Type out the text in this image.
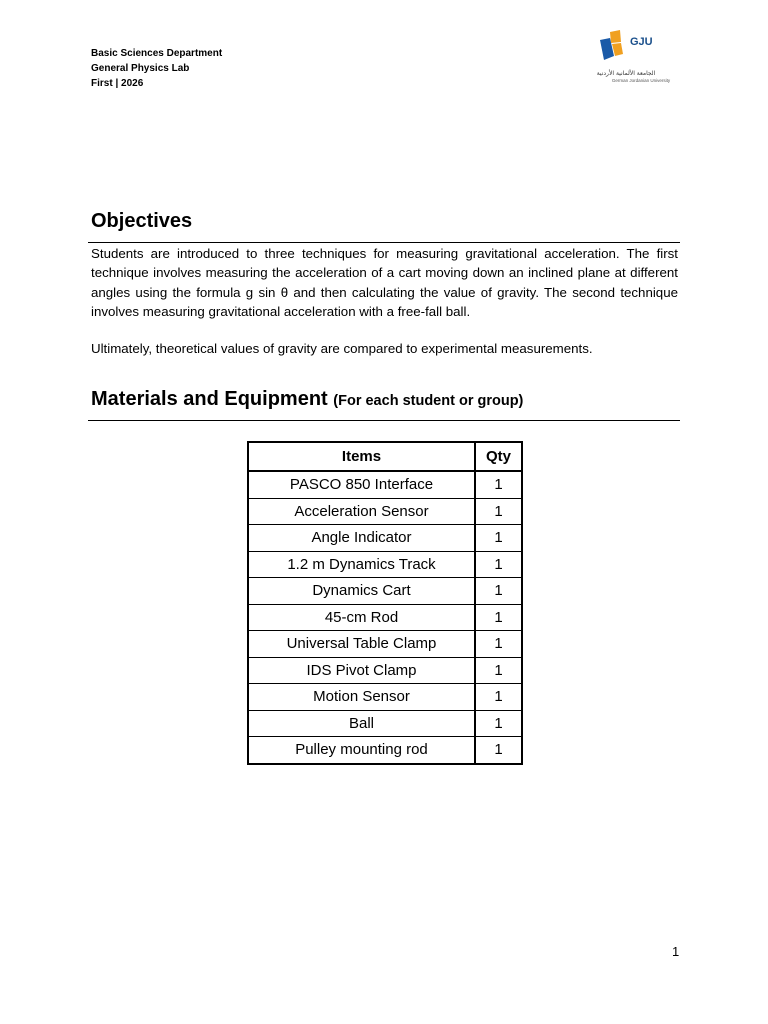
Basic Sciences Department
General Physics Lab
First | 2026
GJU
الجامعة الألمانية الأردنية
German Jordanian University
Objectives

Students are introduced to three techniques for measuring gravitational acceleration. The first technique involves measuring the acceleration of a cart moving down an inclined plane at different angles using the formula g sin θ and then calculating the value of gravity. The second technique involves measuring gravitational acceleration with a free-fall ball.

Ultimately, theoretical values of gravity are compared to experimental measurements.

Materials and Equipment (For each student or group)
Items	Qty
PASCO 850 Interface	1
Acceleration Sensor	1
Angle Indicator	1
1.2 m Dynamics Track	1
Dynamics Cart	1
45-cm Rod	1
Universal Table Clamp	1
IDS Pivot Clamp	1
Motion Sensor	1
Ball	1
Pulley mounting rod	1
1
